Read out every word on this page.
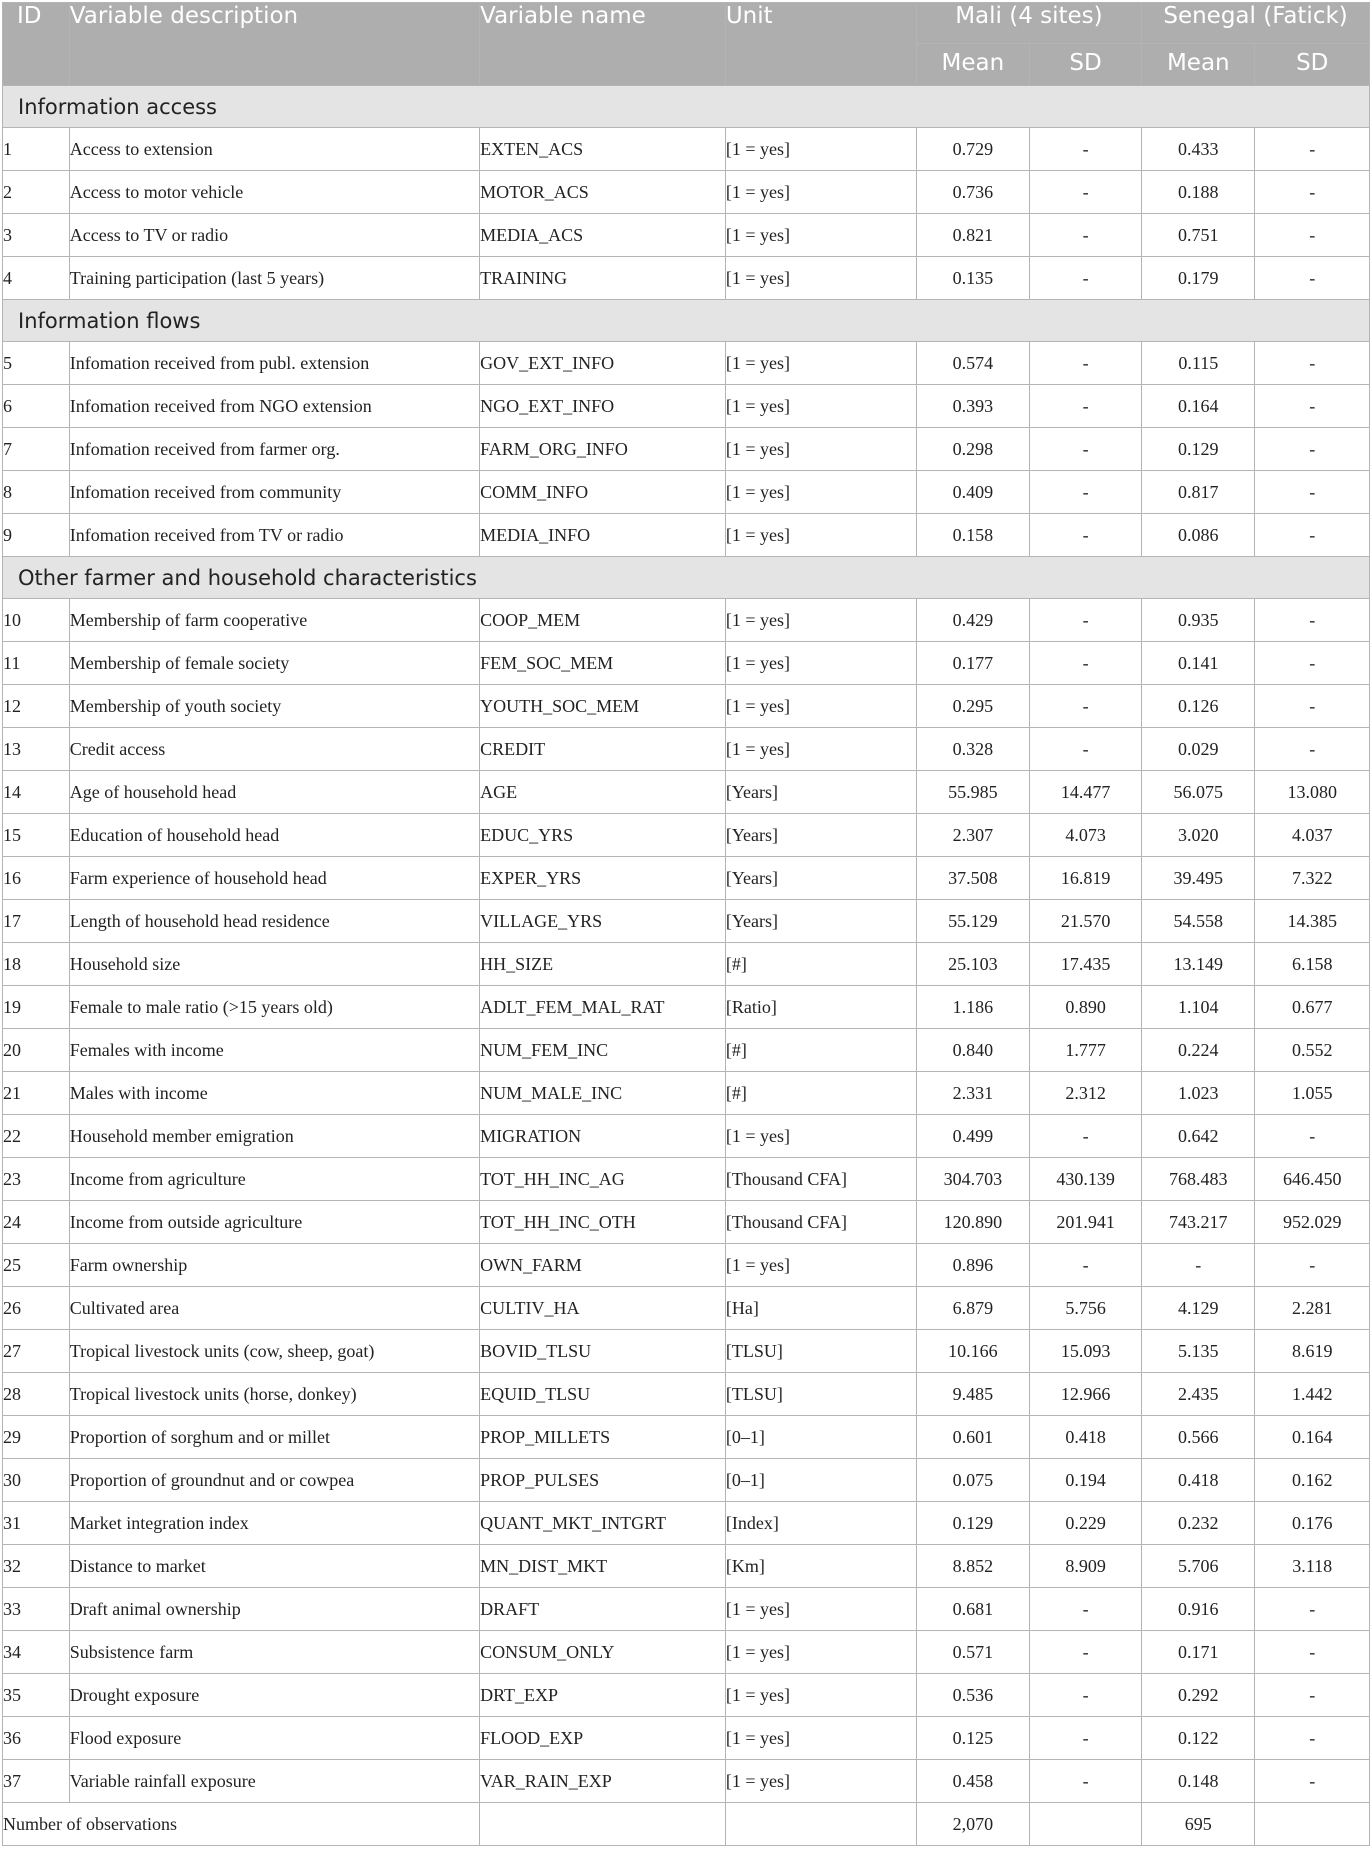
ID	Variable description	Variable name	Unit	Mali (4 sites)		Senegal (Fatick)	
				Mean	SD	Mean	SD
Information access							
1	Access to extension	EXTEN_ACS	[1 = yes]	0.729	-	0.433	-
2	Access to motor vehicle	MOTOR_ACS	[1 = yes]	0.736	-	0.188	-
3	Access to TV or radio	MEDIA_ACS	[1 = yes]	0.821	-	0.751	-
4	Training participation (last 5 years)	TRAINING	[1 = yes]	0.135	-	0.179	-
Information flows							
5	Infomation received from publ. extension	GOV_EXT_INFO	[1 = yes]	0.574	-	0.115	-
6	Infomation received from NGO extension	NGO_EXT_INFO	[1 = yes]	0.393	-	0.164	-
7	Infomation received from farmer org.	FARM_ORG_INFO	[1 = yes]	0.298	-	0.129	-
8	Infomation received from community	COMM_INFO	[1 = yes]	0.409	-	0.817	-
9	Infomation received from TV or radio	MEDIA_INFO	[1 = yes]	0.158	-	0.086	-
Other farmer and household characteristics							
10	Membership of farm cooperative	COOP_MEM	[1 = yes]	0.429	-	0.935	-
11	Membership of female society	FEM_SOC_MEM	[1 = yes]	0.177	-	0.141	-
12	Membership of youth society	YOUTH_SOC_MEM	[1 = yes]	0.295	-	0.126	-
13	Credit access	CREDIT	[1 = yes]	0.328	-	0.029	-
14	Age of household head	AGE	[Years]	55.985	14.477	56.075	13.080
15	Education of household head	EDUC_YRS	[Years]	2.307	4.073	3.020	4.037
16	Farm experience of household head	EXPER_YRS	[Years]	37.508	16.819	39.495	7.322
17	Length of household head residence	VILLAGE_YRS	[Years]	55.129	21.570	54.558	14.385
18	Household size	HH_SIZE	[#]	25.103	17.435	13.149	6.158
19	Female to male ratio (>15 years old)	ADLT_FEM_MAL_RAT	[Ratio]	1.186	0.890	1.104	0.677
20	Females with income	NUM_FEM_INC	[#]	0.840	1.777	0.224	0.552
21	Males with income	NUM_MALE_INC	[#]	2.331	2.312	1.023	1.055
22	Household member emigration	MIGRATION	[1 = yes]	0.499	-	0.642	-
23	Income from agriculture	TOT_HH_INC_AG	[Thousand CFA]	304.703	430.139	768.483	646.450
24	Income from outside agriculture	TOT_HH_INC_OTH	[Thousand CFA]	120.890	201.941	743.217	952.029
25	Farm ownership	OWN_FARM	[1 = yes]	0.896	-	-	-
26	Cultivated area	CULTIV_HA	[Ha]	6.879	5.756	4.129	2.281
27	Tropical livestock units (cow, sheep, goat)	BOVID_TLSU	[TLSU]	10.166	15.093	5.135	8.619
28	Tropical livestock units (horse, donkey)	EQUID_TLSU	[TLSU]	9.485	12.966	2.435	1.442
29	Proportion of sorghum and or millet	PROP_MILLETS	[0–1]	0.601	0.418	0.566	0.164
30	Proportion of groundnut and or cowpea	PROP_PULSES	[0–1]	0.075	0.194	0.418	0.162
31	Market integration index	QUANT_MKT_INTGRT	[Index]	0.129	0.229	0.232	0.176
32	Distance to market	MN_DIST_MKT	[Km]	8.852	8.909	5.706	3.118
33	Draft animal ownership	DRAFT	[1 = yes]	0.681	-	0.916	-
34	Subsistence farm	CONSUM_ONLY	[1 = yes]	0.571	-	0.171	-
35	Drought exposure	DRT_EXP	[1 = yes]	0.536	-	0.292	-
36	Flood exposure	FLOOD_EXP	[1 = yes]	0.125	-	0.122	-
37	Variable rainfall exposure	VAR_RAIN_EXP	[1 = yes]	0.458	-	0.148	-
Number of observations				2,070		695	
